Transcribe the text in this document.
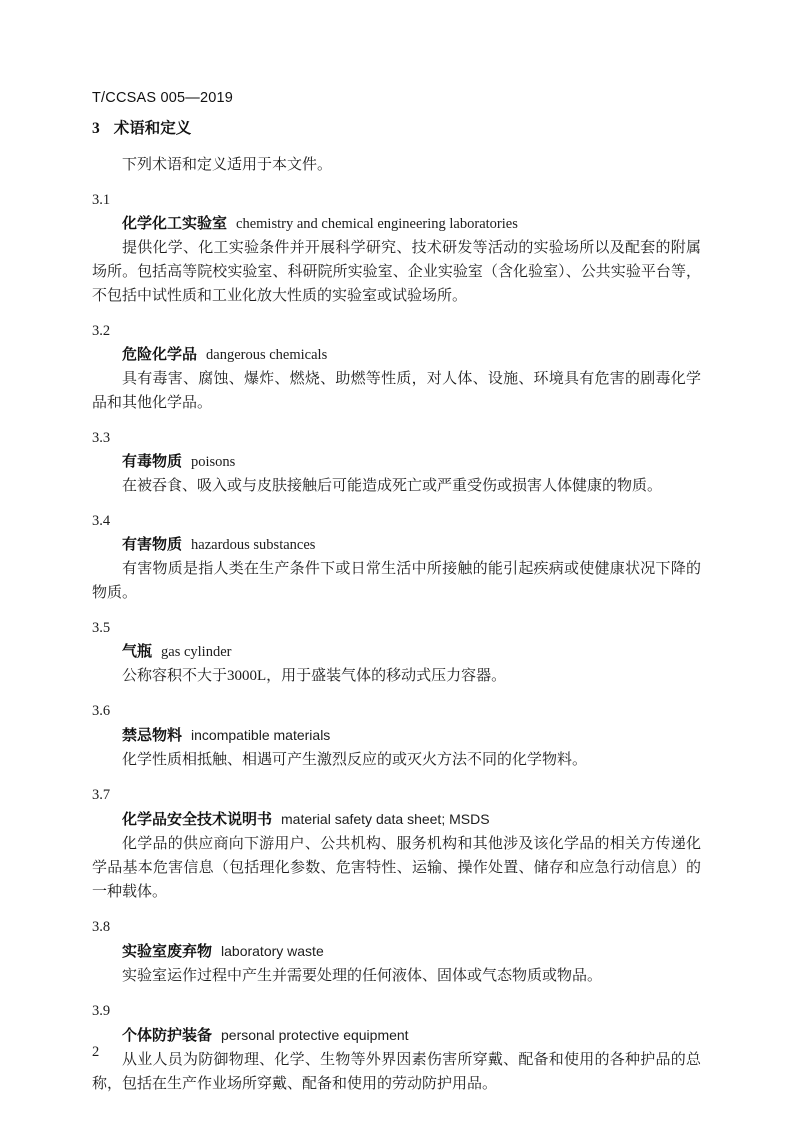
T/CCSAS 005—2019
3 术语和定义

下列术语和定义适用于本文件。

3.1
化学化工实验室 chemistry and chemical engineering laboratories

提供化学、化工实验条件并开展科学研究、技术研发等活动的实验场所以及配套的附属场所。包括高等院校实验室、科研院所实验室、企业实验室（含化验室）、公共实验平台等，不包括中试性质和工业化放大性质的实验室或试验场所。

3.2
危险化学品 dangerous chemicals

具有毒害、腐蚀、爆炸、燃烧、助燃等性质，对人体、设施、环境具有危害的剧毒化学品和其他化学品。

3.3
有毒物质 poisons

在被吞食、吸入或与皮肤接触后可能造成死亡或严重受伤或损害人体健康的物质。

3.4
有害物质 hazardous substances

有害物质是指人类在生产条件下或日常生活中所接触的能引起疾病或使健康状况下降的物质。

3.5
气瓶 gas cylinder

公称容积不大于3000L，用于盛装气体的移动式压力容器。

3.6
禁忌物料 incompatible materials

化学性质相抵触、相遇可产生激烈反应的或灭火方法不同的化学物料。

3.7
化学品安全技术说明书 material safety data sheet; MSDS

化学品的供应商向下游用户、公共机构、服务机构和其他涉及该化学品的相关方传递化学品基本危害信息（包括理化参数、危害特性、运输、操作处置、储存和应急行动信息）的一种载体。

3.8
实验室废弃物 laboratory waste

实验室运作过程中产生并需要处理的任何液体、固体或气态物质或物品。

3.9
个体防护装备 personal protective equipment

从业人员为防御物理、化学、生物等外界因素伤害所穿戴、配备和使用的各种护品的总称，包括在生产作业场所穿戴、配备和使用的劳动防护用品。

2
